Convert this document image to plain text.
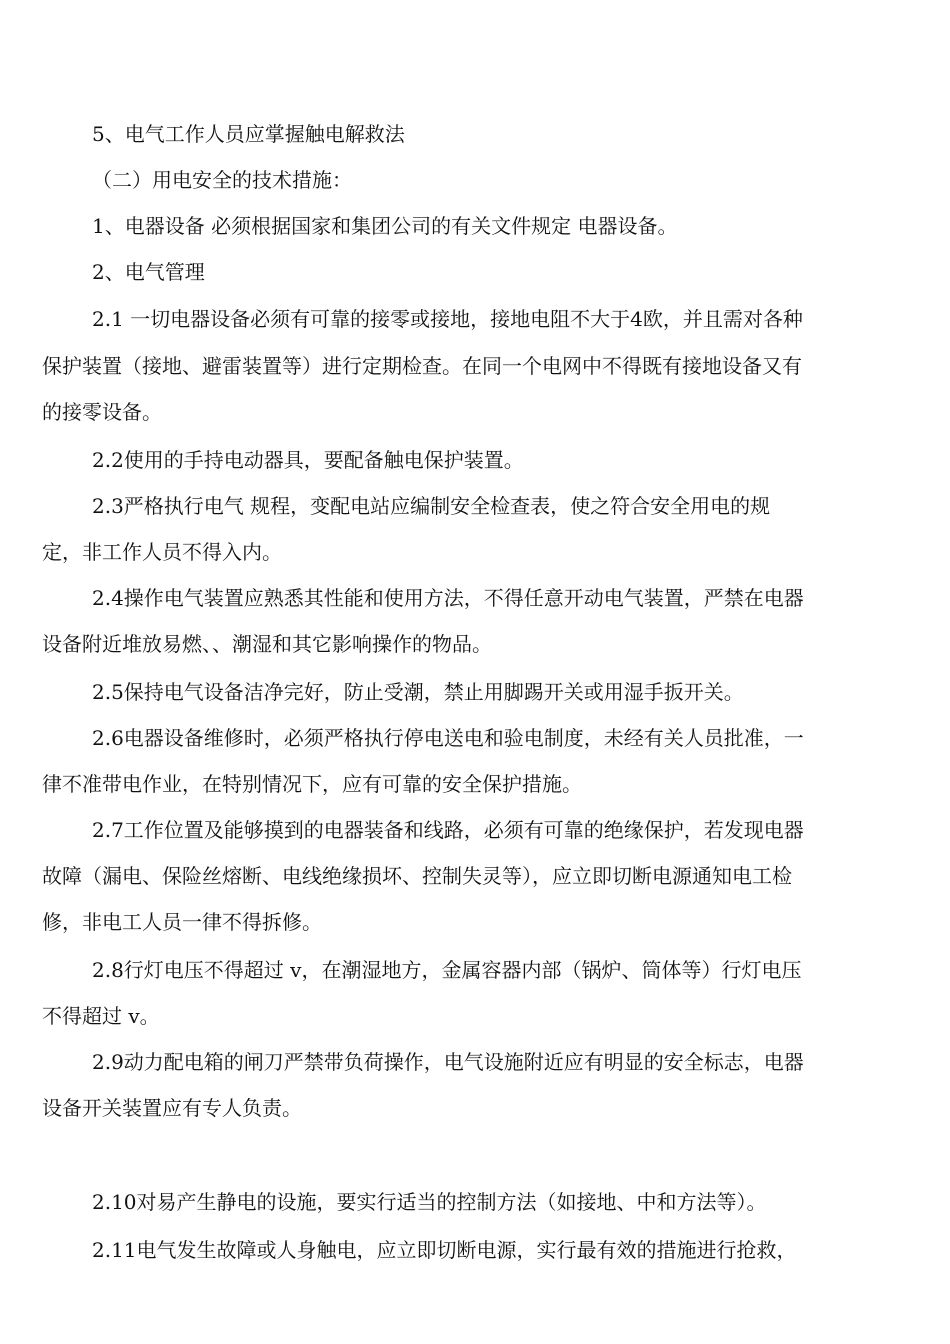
5、电气工作人员应掌握触电解救法
（二）用电安全的技术措施：
1、电器设备 必须根据国家和集团公司的有关文件规定 电器设备。
2、电气管理
2.1 一切电器设备必须有可靠的接零或接地，接地电阻不大于4欧，并且需对各种
保护装置（接地、避雷装置等）进行定期检查。在同一个电网中不得既有接地设备又有
的接零设备。
2.2使用的手持电动器具，要配备触电保护装置。
2.3严格执行电气 规程，变配电站应编制安全检查表，使之符合安全用电的规
定，非工作人员不得入内。
2.4操作电气装置应熟悉其性能和使用方法，不得任意开动电气装置，严禁在电器
设备附近堆放易燃、、潮湿和其它影响操作的物品。
2.5保持电气设备洁净完好，防止受潮，禁止用脚踢开关或用湿手扳开关。
2.6电器设备维修时，必须严格执行停电送电和验电制度，未经有关人员批准，一
律不准带电作业，在特别情况下，应有可靠的安全保护措施。
2.7工作位置及能够摸到的电器装备和线路，必须有可靠的绝缘保护，若发现电器
故障（漏电、保险丝熔断、电线绝缘损坏、控制失灵等），应立即切断电源通知电工检
修，非电工人员一律不得拆修。
2.8行灯电压不得超过 v，在潮湿地方，金属容器内部（锅炉、筒体等）行灯电压
不得超过 v。
2.9动力配电箱的闸刀严禁带负荷操作，电气设施附近应有明显的安全标志，电器
设备开关装置应有专人负责。
2.10对易产生静电的设施，要实行适当的控制方法（如接地、中和方法等）。
2.11电气发生故障或人身触电，应立即切断电源，实行最有效的措施进行抢救，
